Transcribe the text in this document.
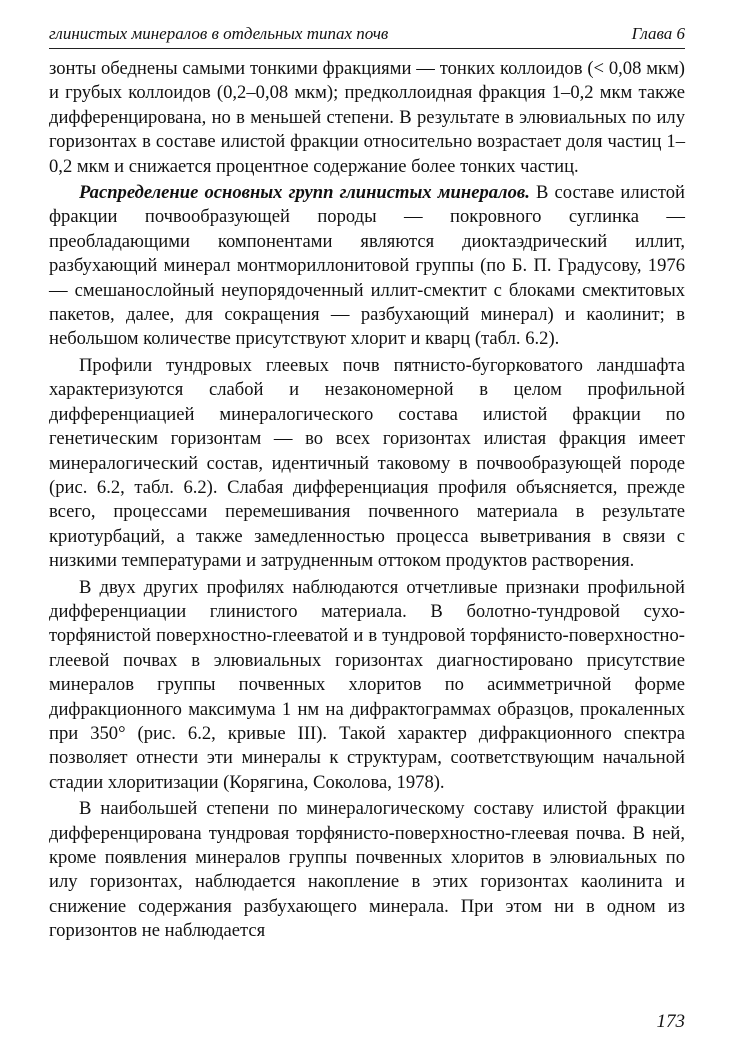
глинистых минералов в отдельных типах почв	Глава 6

зонты обеднены самыми тонкими фракциями — тонких коллоидов (< 0,08 мкм) и грубых коллоидов (0,2–0,08 мкм); предколлоидная фракция 1–0,2 мкм также дифференцирована, но в меньшей степени. В результате в элювиальных по илу горизонтах в составе илистой фракции относительно возрастает доля частиц 1–0,2 мкм и снижается процентное содержание более тонких частиц.

Распределение основных групп глинистых минералов. В составе илистой фракции почвообразующей породы — покровного суглинка — преобладающими компонентами являются диоктаэдрический иллит, разбухающий минерал монтмориллонитовой группы (по Б. П. Градусову, 1976 — смешанослойный неупорядоченный иллит-смектит с блоками смектитовых пакетов, далее, для сокращения — разбухающий минерал) и каолинит; в небольшом количестве присутствуют хлорит и кварц (табл. 6.2).

Профили тундровых глеевых почв пятнисто-бугорковатого ландшафта характеризуются слабой и незакономерной в целом профильной дифференциацией минералогического состава илистой фракции по генетическим горизонтам — во всех горизонтах илистая фракция имеет минералогический состав, идентичный таковому в почвообразующей породе (рис. 6.2, табл. 6.2). Слабая дифференциация профиля объясняется, прежде всего, процессами перемешивания почвенного материала в результате криотурбаций, а также замедленностью процесса выветривания в связи с низкими температурами и затрудненным оттоком продуктов растворения.

В двух других профилях наблюдаются отчетливые признаки профильной дифференциации глинистого материала. В болотно-тундровой сухо-торфянистой поверхностно-глееватой и в тундровой торфянисто-поверхностно-глеевой почвах в элювиальных горизонтах диагностировано присутствие минералов группы почвенных хлоритов по асимметричной форме дифракционного максимума 1 нм на дифрактограммах образцов, прокаленных при 350° (рис. 6.2, кривые III). Такой характер дифракционного спектра позволяет отнести эти минералы к структурам, соответствующим начальной стадии хлоритизации (Корягина, Соколова, 1978).

В наибольшей степени по минералогическому составу илистой фракции дифференцирована тундровая торфянисто-поверхностно-глеевая почва. В ней, кроме появления минералов группы почвенных хлоритов в элювиальных по илу горизонтах, наблюдается накопление в этих горизонтах каолинита и снижение содержания разбухающего минерала. При этом ни в одном из горизонтов не наблюдается

173
